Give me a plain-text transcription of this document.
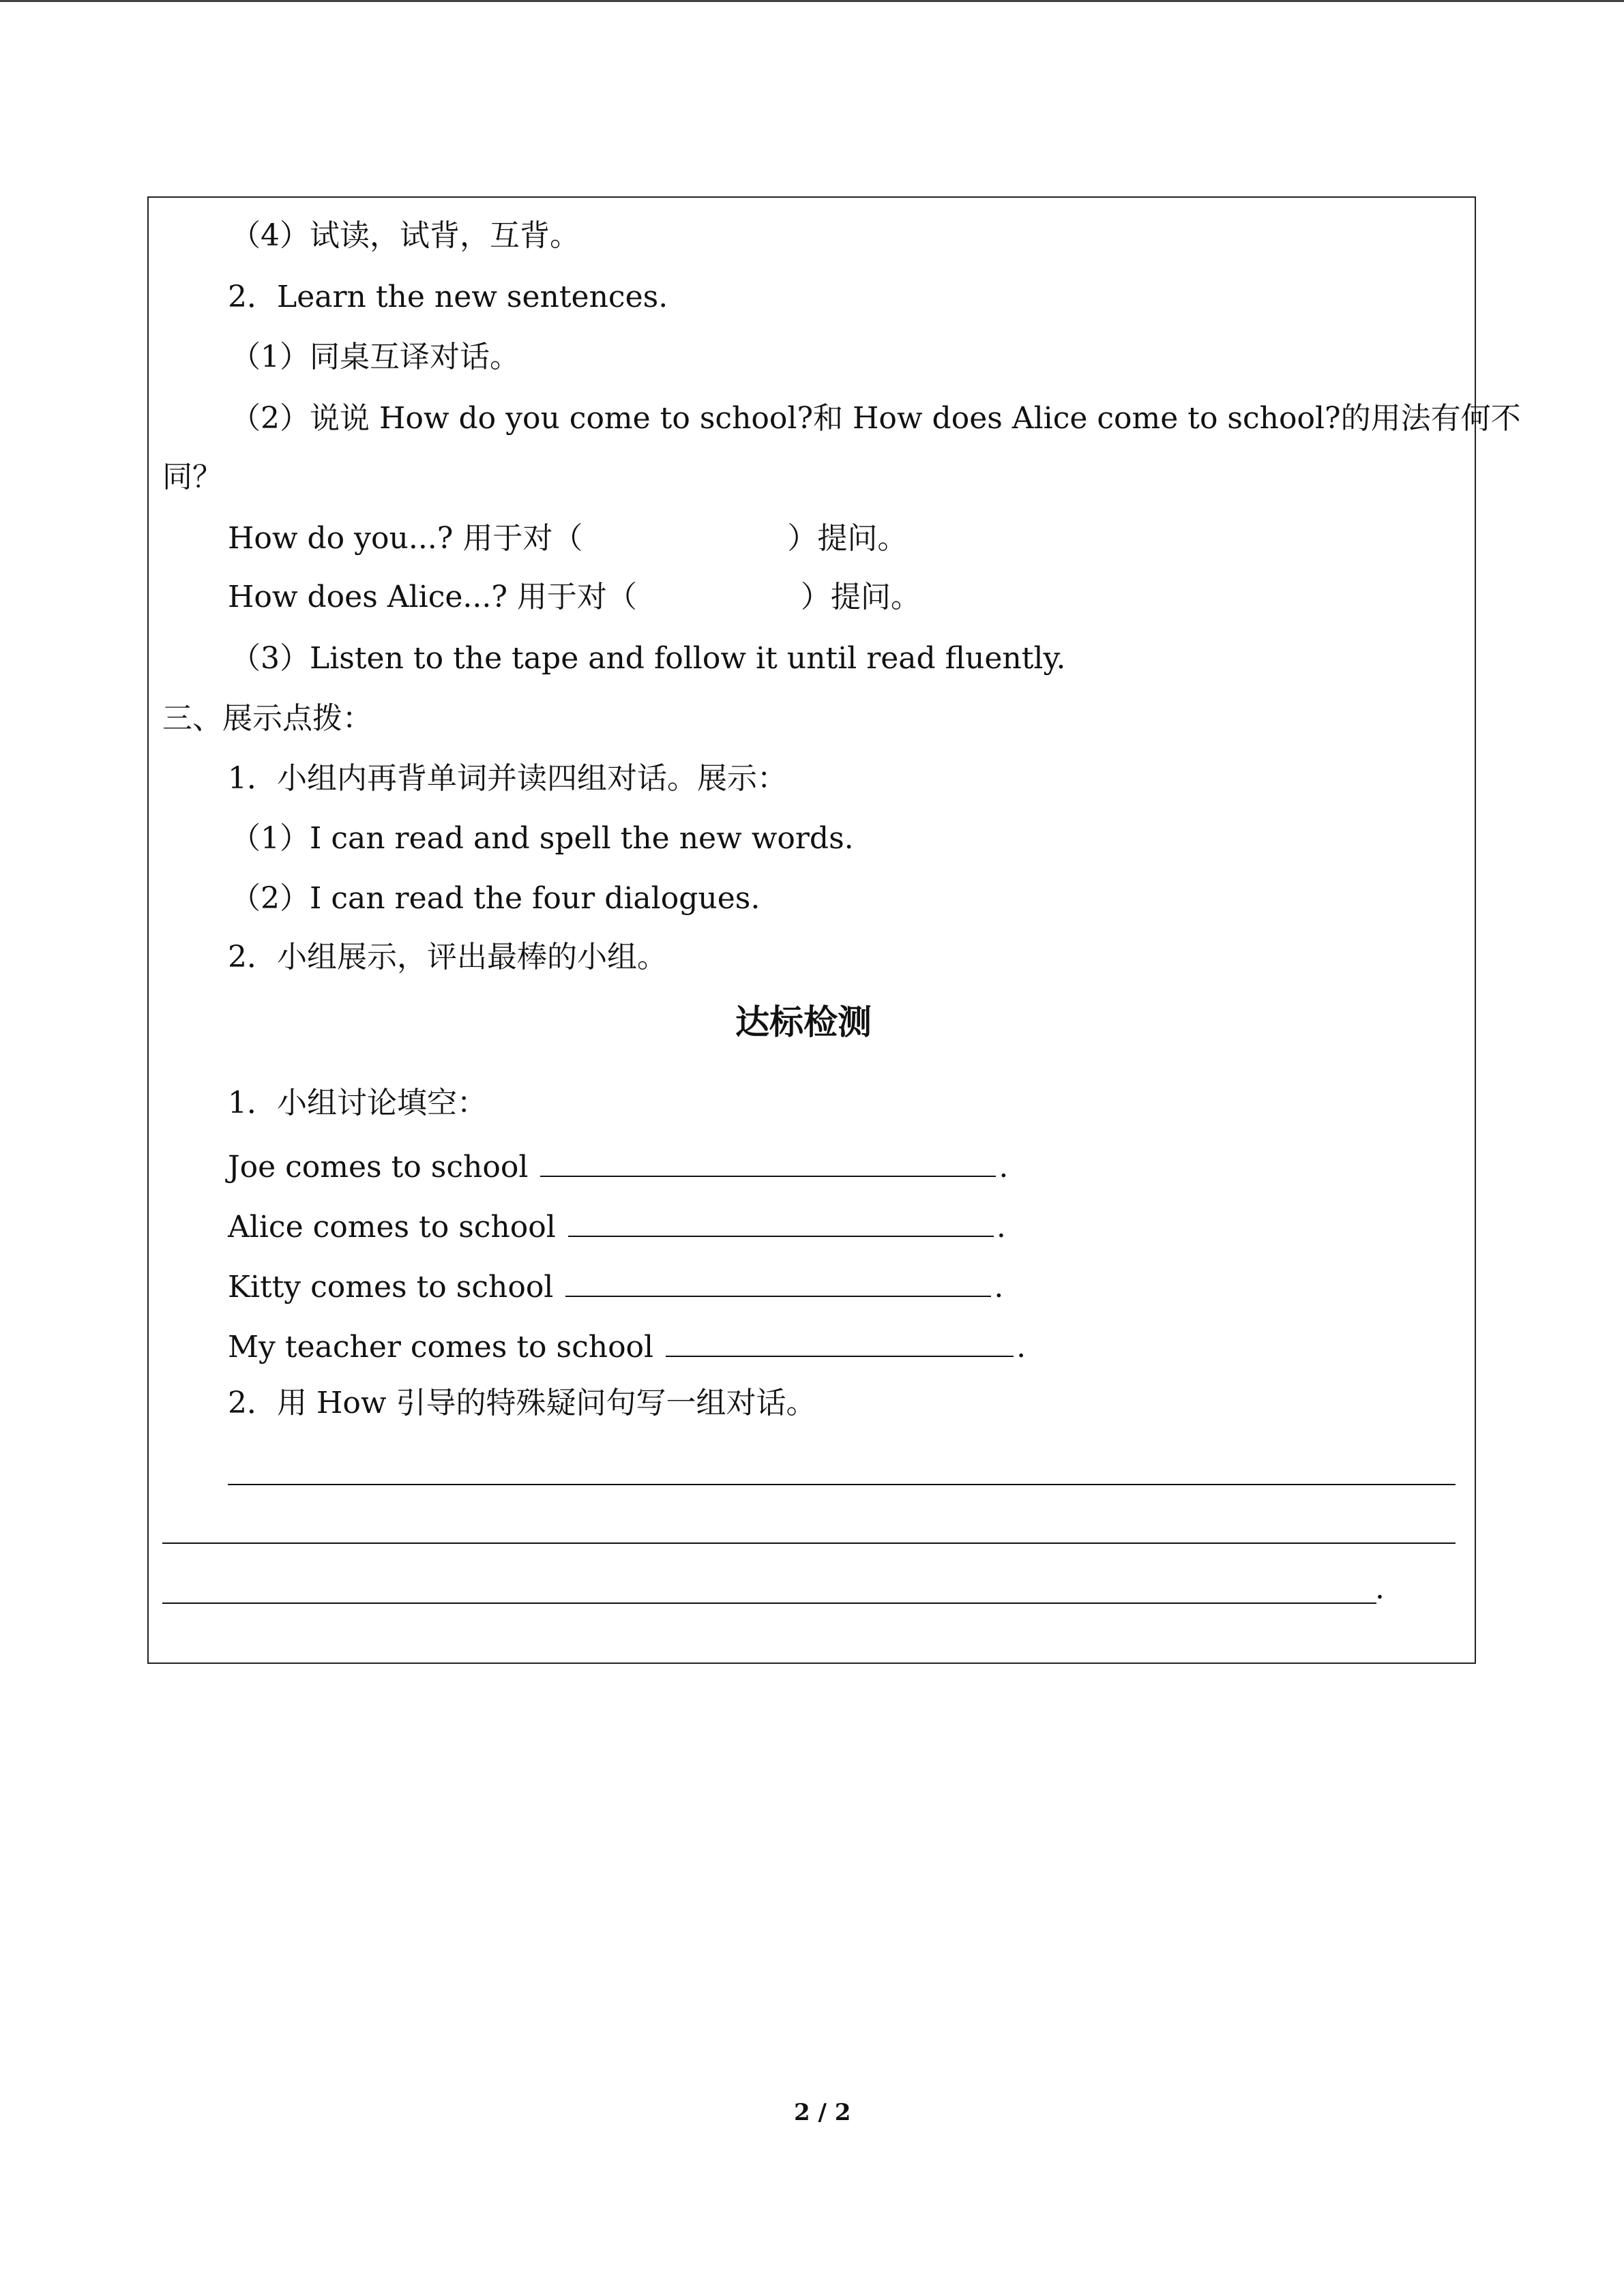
（4）试读，试背，互背。
2．Learn the new sentences.
（1）同桌互译对话。
（2）说说 How do you come to school?和 How does Alice come to school?的用法有何不
同？
How do you...? 用于对（	）提问。
How does Alice...? 用于对（	）提问。
（3）Listen to the tape and follow it until read fluently.
三、展示点拨：
1．小组内再背单词并读四组对话。展示：
（1）I can read and spell the new words.
（2）I can read the four dialogues.
2．小组展示，评出最棒的小组。
达标检测
1．小组讨论填空：
Joe comes to school	.
Alice comes to school	.
Kitty comes to school	.
My teacher comes to school	.
2．用 How 引导的特殊疑问句写一组对话。
.
2 / 2
